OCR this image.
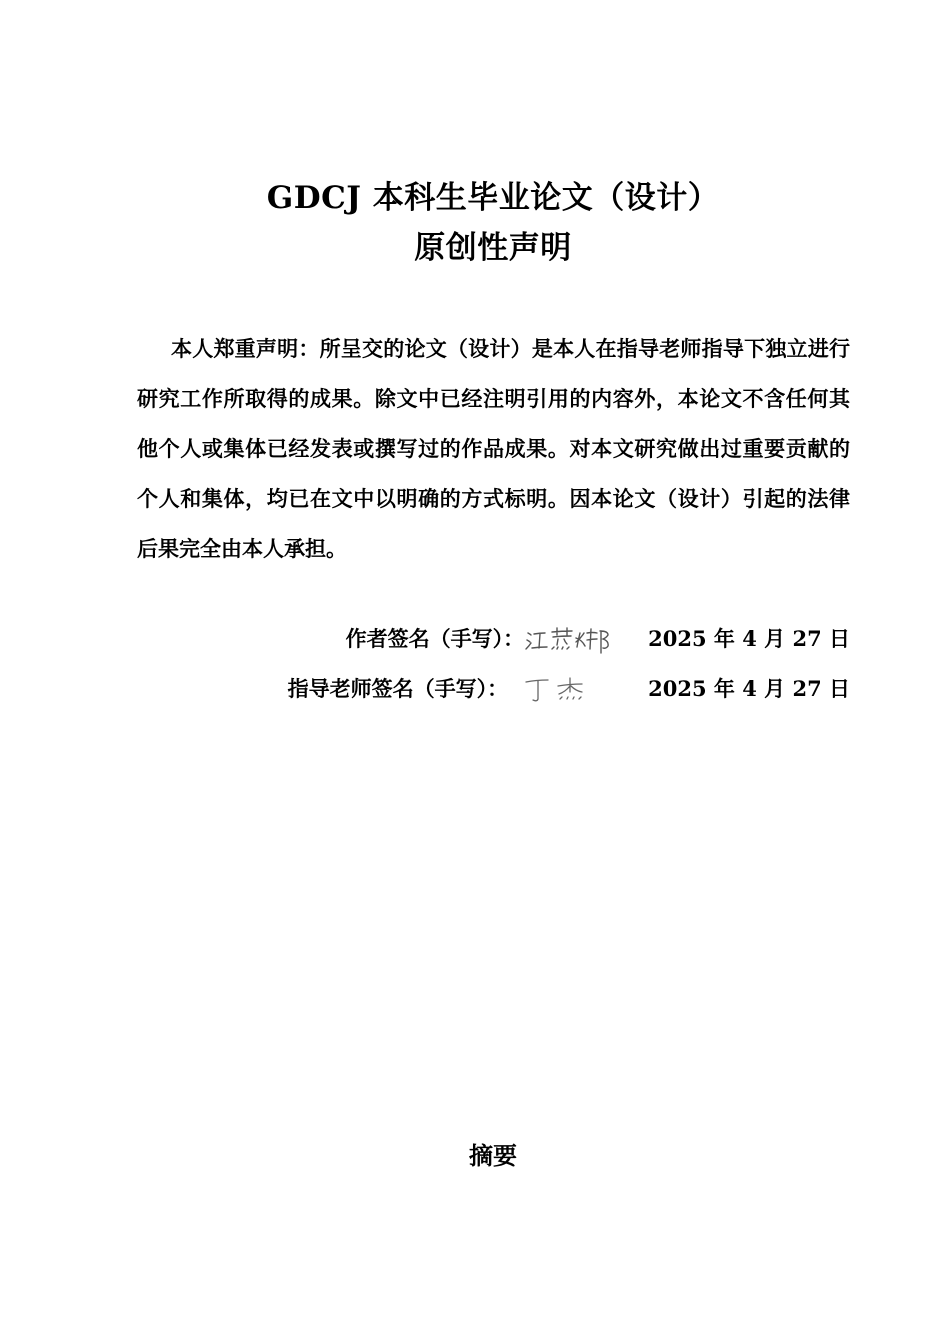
GDCJ 本科生毕业论文（设计）
原创性声明
本人郑重声明：所呈交的论文（设计）是本人在指导老师指导下独立进行研究工作所取得的成果。除文中已经注明引用的内容外，本论文不含任何其他个人或集体已经发表或撰写过的作品成果。对本文研究做出过重要贡献的个人和集体，均已在文中以明确的方式标明。因本论文（设计）引起的法律后果完全由本人承担。
作者签名（手写）：	2025 年 4 月 27 日
指导老师签名（手写）：	2025 年 4 月 27 日
摘要
